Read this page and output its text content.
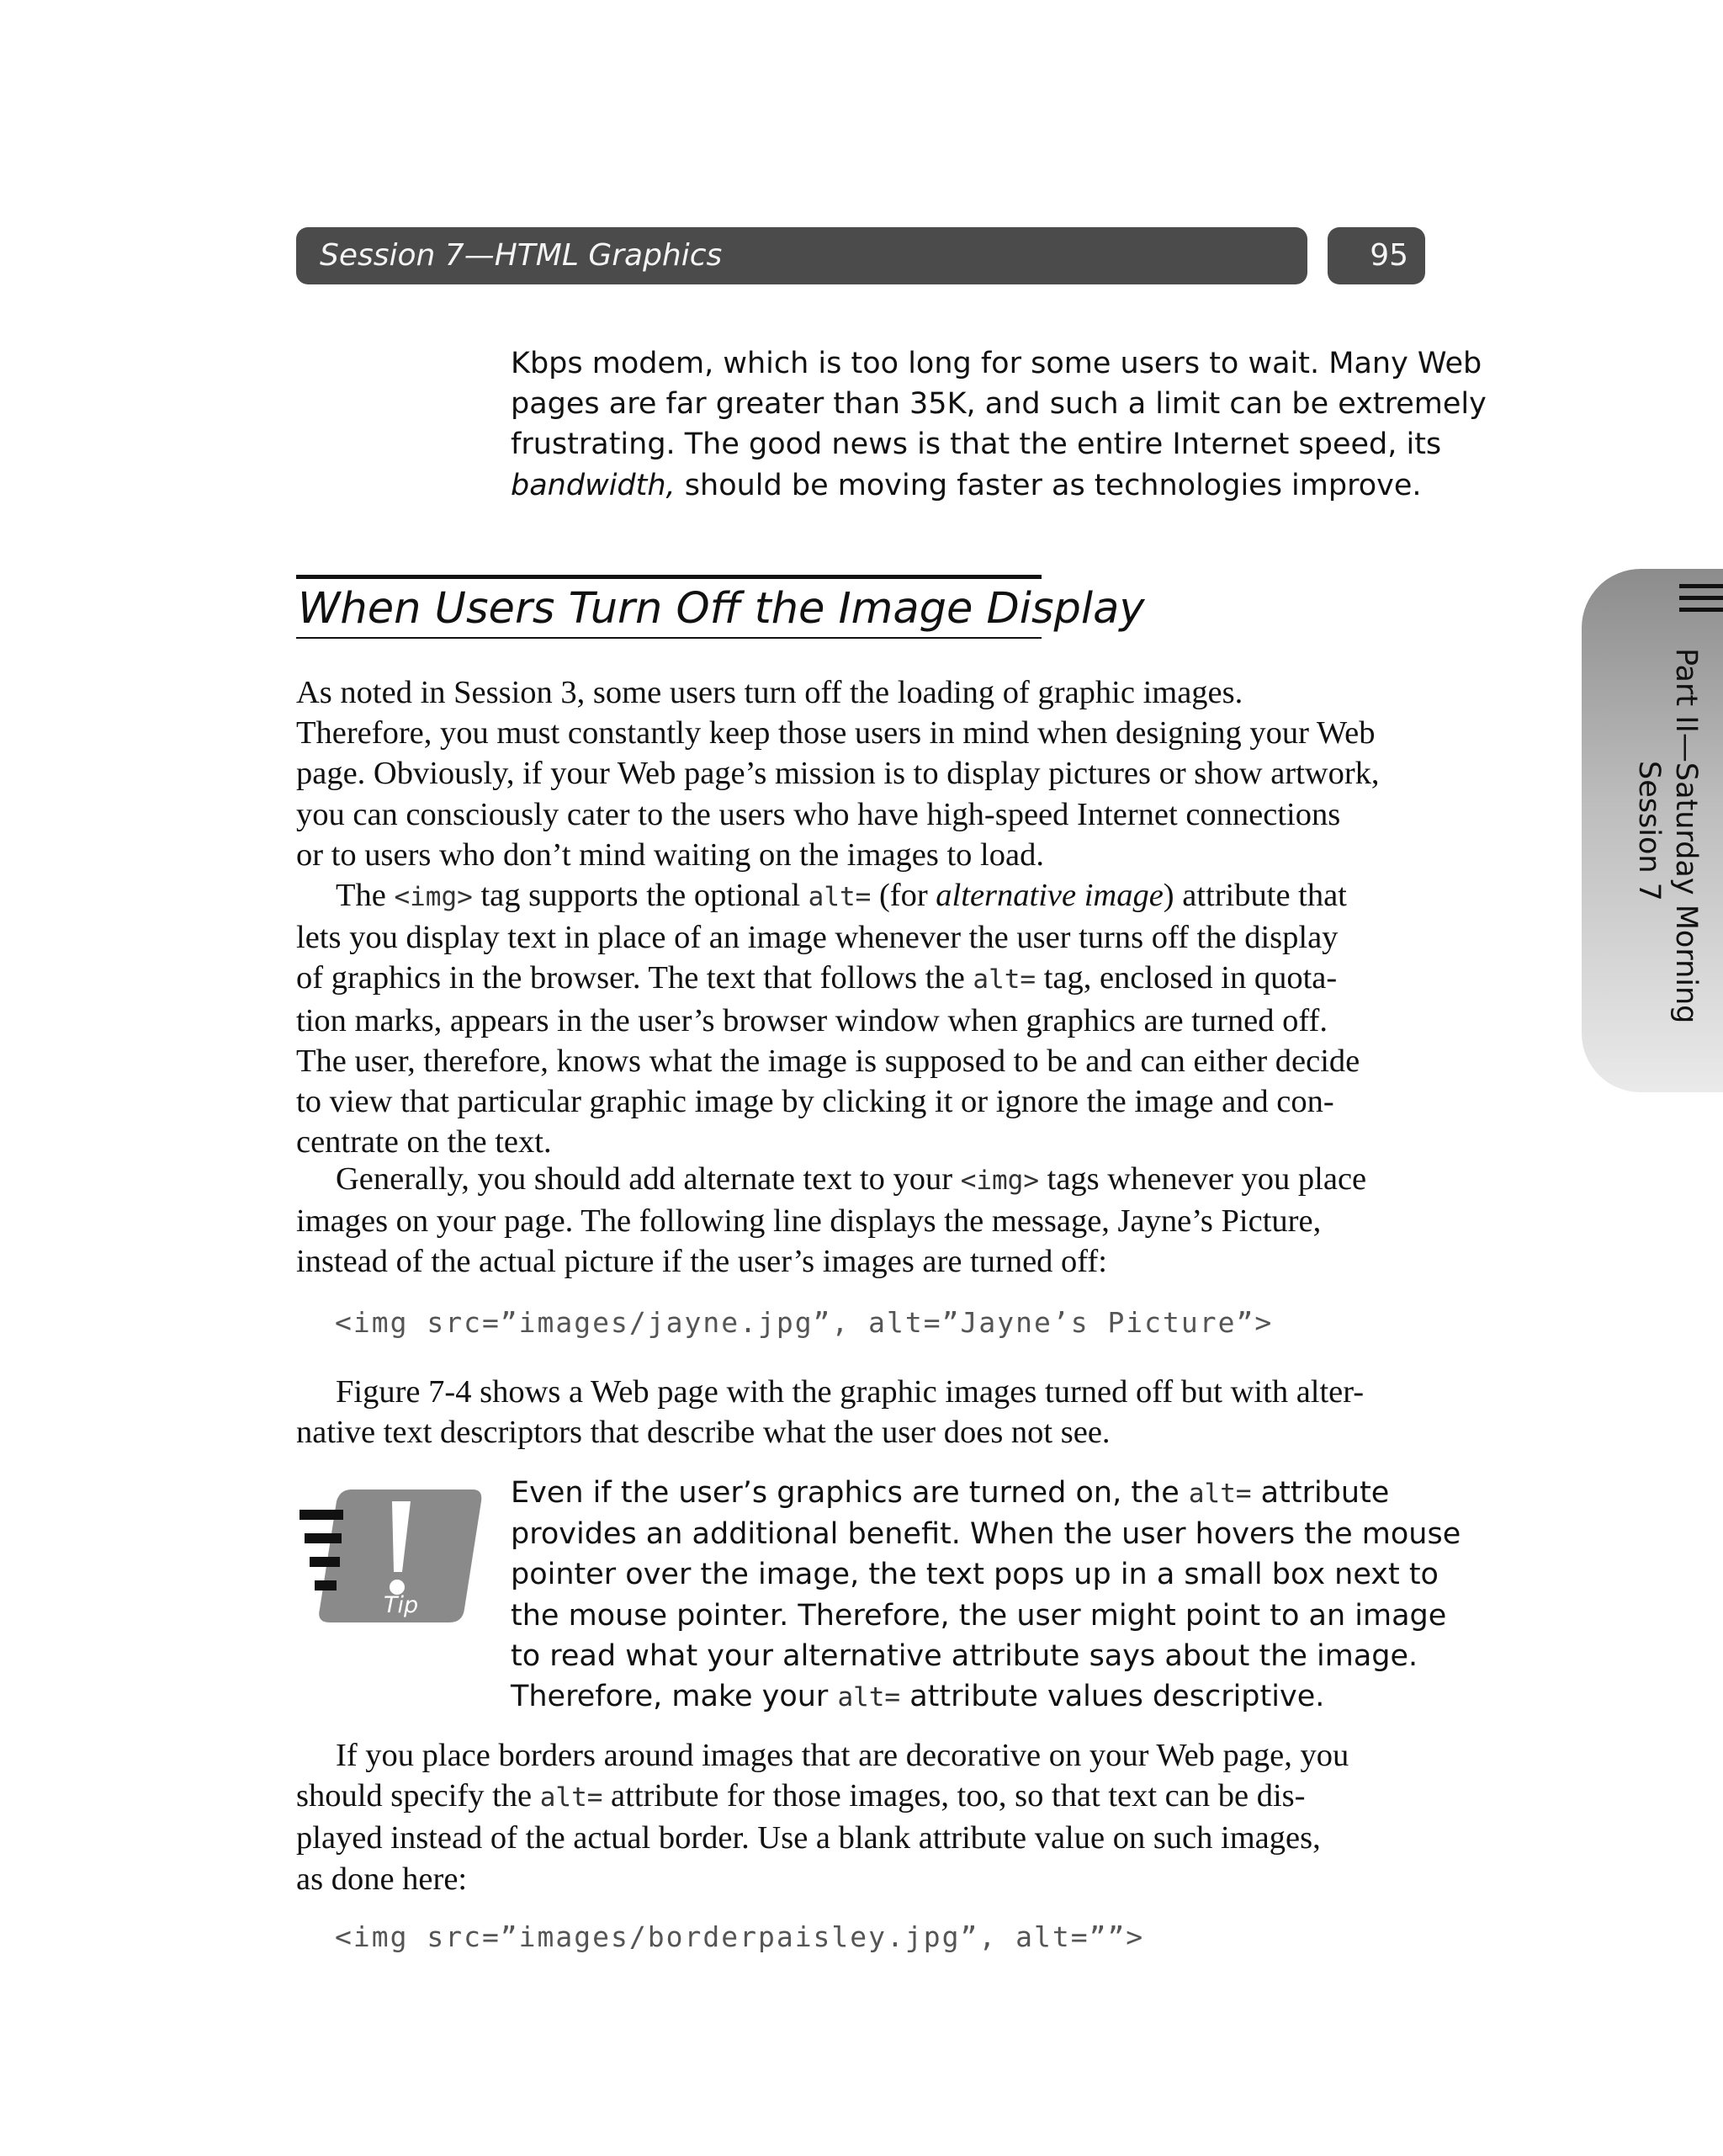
Session 7—HTML Graphics	95
Part II—Saturday Morning
Session 7
Kbps modem, which is too long for some users to wait. Many Web
pages are far greater than 35K, and such a limit can be extremely
frustrating. The good news is that the entire Internet speed, its
bandwidth, should be moving faster as technologies improve.
When Users Turn Off the Image Display
As noted in Session 3, some users turn off the loading of graphic images.
Therefore, you must constantly keep those users in mind when designing your Web
page. Obviously, if your Web page’s mission is to display pictures or show artwork,
you can consciously cater to the users who have high-speed Internet connections
or to users who don’t mind waiting on the images to load.
The <img> tag supports the optional alt= (for alternative image) attribute that
lets you display text in place of an image whenever the user turns off the display
of graphics in the browser. The text that follows the alt= tag, enclosed in quota-
tion marks, appears in the user’s browser window when graphics are turned off.
The user, therefore, knows what the image is supposed to be and can either decide
to view that particular graphic image by clicking it or ignore the image and con-
centrate on the text.
Generally, you should add alternate text to your <img> tags whenever you place
images on your page. The following line displays the message, Jayne’s Picture,
instead of the actual picture if the user’s images are turned off:
<img src=”images/jayne.jpg”, alt=”Jayne’s Picture”>
Figure 7-4 shows a Web page with the graphic images turned off but with alter-
native text descriptors that describe what the user does not see.
Tip
Even if the user’s graphics are turned on, the alt= attribute
provides an additional benefit. When the user hovers the mouse
pointer over the image, the text pops up in a small box next to
the mouse pointer. Therefore, the user might point to an image
to read what your alternative attribute says about the image.
Therefore, make your alt= attribute values descriptive.
If you place borders around images that are decorative on your Web page, you
should specify the alt= attribute for those images, too, so that text can be dis-
played instead of the actual border. Use a blank attribute value on such images,
as done here:
<img src=”images/borderpaisley.jpg”, alt=””>
